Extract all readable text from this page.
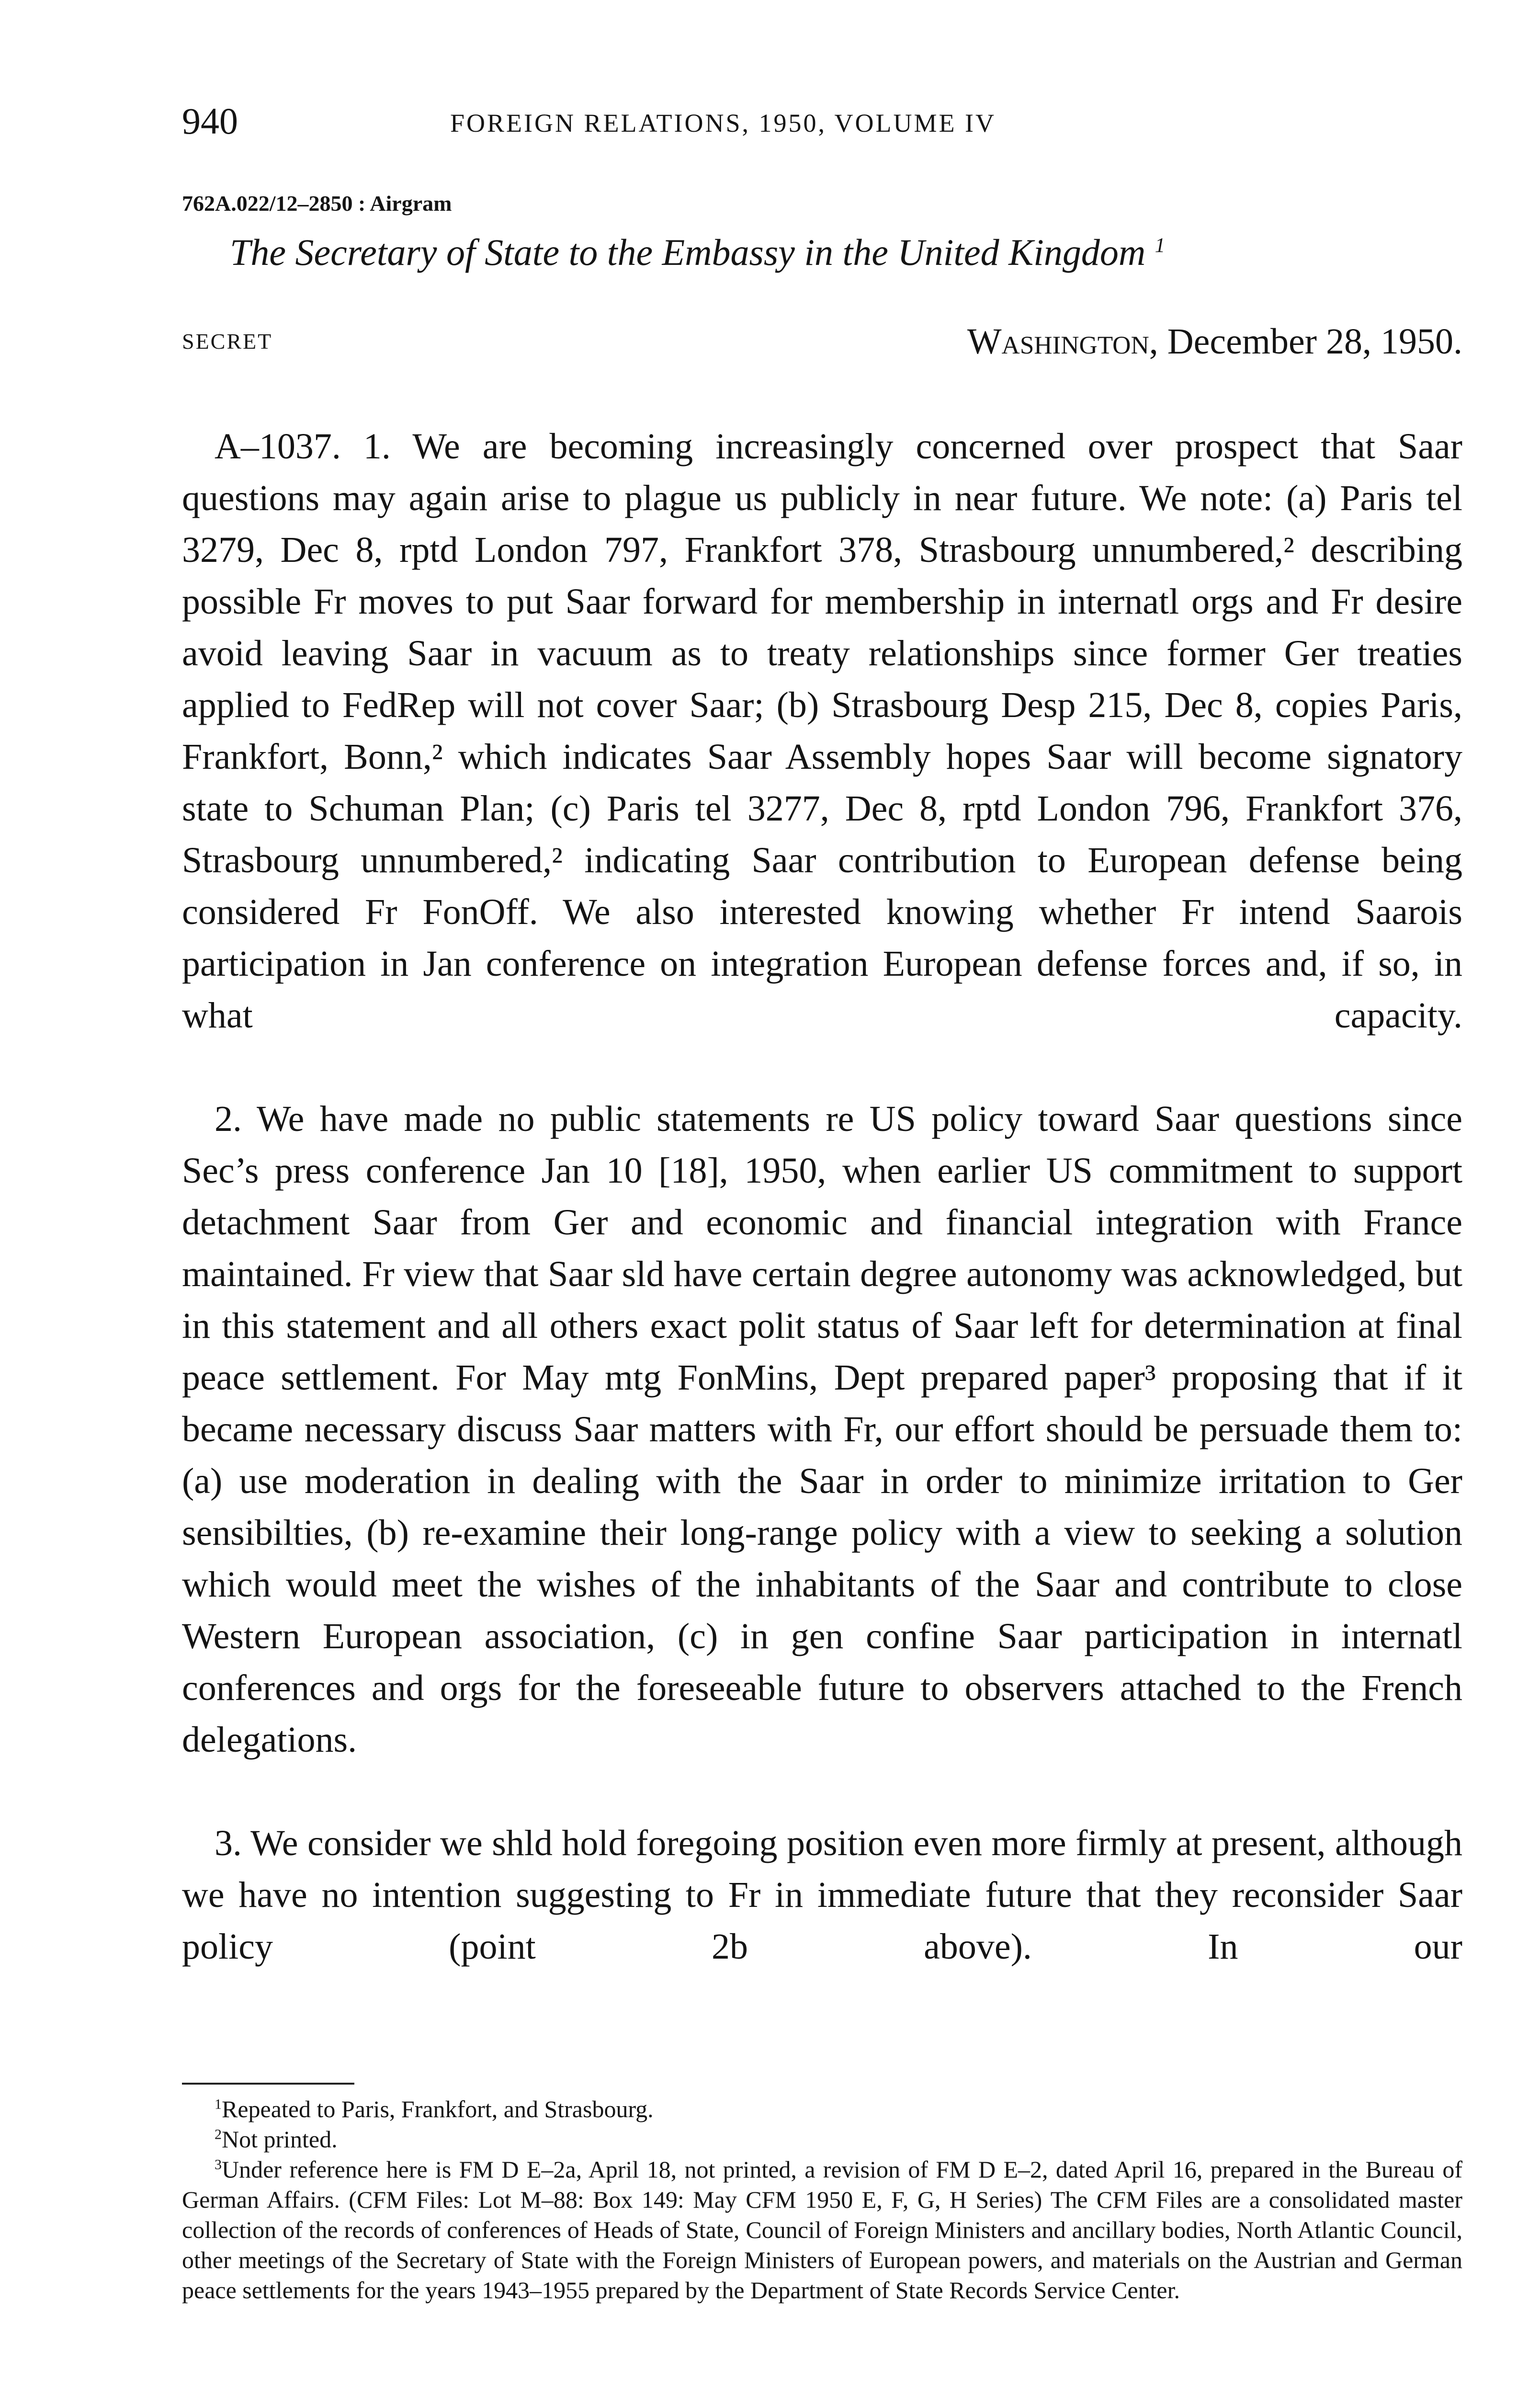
940	FOREIGN RELATIONS, 1950, VOLUME IV
762A.022/12–2850 : Airgram
The Secretary of State to the Embassy in the United Kingdom $^1$
SECRET	Washington, December 28, 1950.

A–1037. 1. We are becoming increasingly concerned over prospect that Saar questions may again arise to plague us publicly in near future. We note: (a) Paris tel 3279, Dec 8, rptd London 797, Frankfort 378, Strasbourg unnumbered,² describing possible Fr moves to put Saar forward for membership in internatl orgs and Fr desire avoid leaving Saar in vacuum as to treaty relationships since former Ger treaties applied to FedRep will not cover Saar; (b) Strasbourg Desp 215, Dec 8, copies Paris, Frankfort, Bonn,² which indicates Saar Assembly hopes Saar will become signatory state to Schuman Plan; (c) Paris tel 3277, Dec 8, rptd London 796, Frankfort 376, Strasbourg unnumbered,² indicating Saar contribution to European defense being considered Fr FonOff. We also interested knowing whether Fr intend Saarois participation in Jan conference on integration European defense forces and, if so, in what capacity.

2. We have made no public statements re US policy toward Saar questions since Sec’s press conference Jan 10 [18], 1950, when earlier US commitment to support detachment Saar from Ger and economic and financial integration with France maintained. Fr view that Saar sld have certain degree autonomy was acknowledged, but in this statement and all others exact polit status of Saar left for determination at final peace settlement. For May mtg FonMins, Dept prepared paper³ proposing that if it became necessary discuss Saar matters with Fr, our effort should be persuade them to: (a) use moderation in dealing with the Saar in order to minimize irritation to Ger sensibilties, (b) re-examine their long-range policy with a view to seeking a solution which would meet the wishes of the inhabitants of the Saar and contribute to close Western European association, (c) in gen confine Saar participation in internatl conferences and orgs for the foreseeable future to observers attached to the French delegations.

3. We consider we shld hold foregoing position even more firmly at present, although we have no intention suggesting to Fr in immediate future that they reconsider Saar policy (point 2b above). In our

$^1$Repeated to Paris, Frankfort, and Strasbourg.

$^2$Not printed.

$^3$Under reference here is FM D E–2a, April 18, not printed, a revision of FM D E–2, dated April 16, prepared in the Bureau of German Affairs. (CFM Files: Lot M–88: Box 149: May CFM 1950 E, F, G, H Series) The CFM Files are a consolidated master collection of the records of conferences of Heads of State, Council of Foreign Ministers and ancillary bodies, North Atlantic Council, other meetings of the Secretary of State with the Foreign Ministers of European powers, and materials on the Austrian and German peace settlements for the years 1943–1955 prepared by the Department of State Records Service Center.
